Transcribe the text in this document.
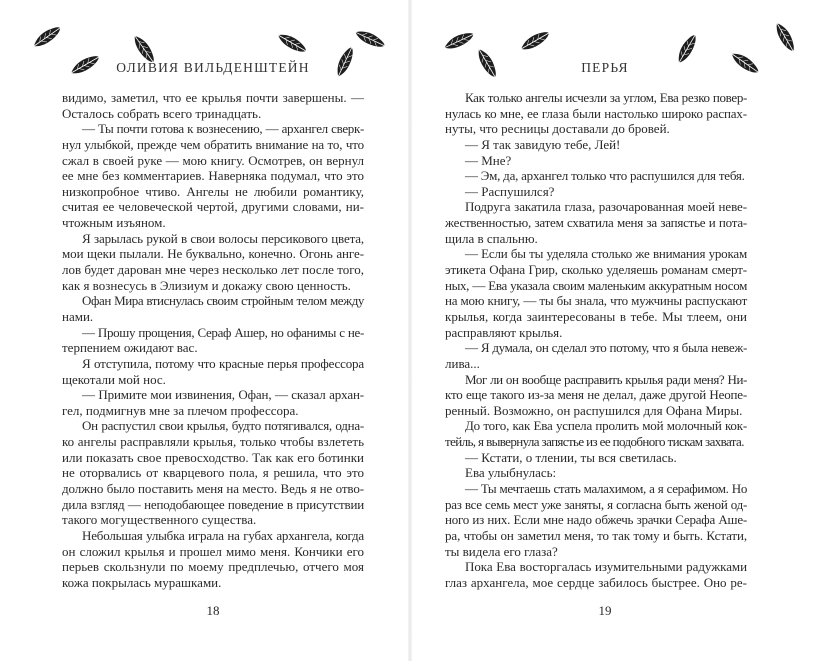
ОЛИВИЯ ВИЛЬДЕНШТЕЙН
видимо, заметил, что ее крылья почти завершены. —
Осталось собрать всего тринадцать.
— Ты почти готова к вознесению, — архангел сверк-
нул улыбкой, прежде чем обратить внимание на то, что
сжал в своей руке — мою книгу. Осмотрев, он вернул
ее мне без комментариев. Наверняка подумал, что это
низкопробное чтиво. Ангелы не любили романтику,
считая ее человеческой чертой, другими словами, ни-
чтожным изъяном.
Я зарылась рукой в свои волосы персикового цвета,
мои щеки пылали. Не буквально, конечно. Огонь анге-
лов будет дарован мне через несколько лет после того,
как я вознесусь в Элизиум и докажу свою ценность.
Офан Мира втиснулась своим стройным телом между
нами.
— Прошу прощения, Сераф Ашер, но офанимы с не-
терпением ожидают вас.
Я отступила, потому что красные перья профессора
щекотали мой нос.
— Примите мои извинения, Офан, — сказал архан-
гел, подмигнув мне за плечом профессора.
Он распустил свои крылья, будто потягивался, одна-
ко ангелы расправляли крылья, только чтобы взлететь
или показать свое превосходство. Так как его ботинки
не оторвались от кварцевого пола, я решила, что это
должно было поставить меня на место. Ведь я не отво-
дила взгляд — неподобающее поведение в присутствии
такого могущественного существа.
Небольшая улыбка играла на губах архангела, когда
он сложил крылья и прошел мимо меня. Кончики его
перьев скользнули по моему предплечью, отчего моя
кожа покрылась мурашками.
18
ПЕРЬЯ
Как только ангелы исчезли за углом, Ева резко повер-
нулась ко мне, ее глаза были настолько широко распах-
нуты, что ресницы доставали до бровей.
— Я так завидую тебе, Лей!
— Мне?
— Эм, да, архангел только что распушился для тебя.
— Распушился?
Подруга закатила глаза, разочарованная моей неве-
жественностью, затем схватила меня за запястье и пота-
щила в спальню.
— Если бы ты уделяла столько же внимания урокам
этикета Офана Грир, сколько уделяешь романам смерт-
ных, — Ева указала своим маленьким аккуратным носом
на мою книгу, — ты бы знала, что мужчины распускают
крылья, когда заинтересованы в тебе. Мы тлеем, они
расправляют крылья.
— Я думала, он сделал это потому, что я была невеж-
лива...
Мог ли он вообще расправить крылья ради меня? Ни-
кто еще такого из-за меня не делал, даже другой Неопе-
ренный. Возможно, он распушился для Офана Миры.
До того, как Ева успела пролить мой молочный кок-
тейль, я вывернула запястье из ее подобного тискам захвата.
— Кстати, о тлении, ты вся светилась.
Ева улыбнулась:
— Ты мечтаешь стать малахимом, а я серафимом. Но
раз все семь мест уже заняты, я согласна быть женой од-
ного из них. Если мне надо обжечь зрачки Серафа Аше-
ра, чтобы он заметил меня, то так тому и быть. Кстати,
ты видела его глаза?
Пока Ева восторгалась изумительными радужками
глаз архангела, мое сердце забилось быстрее. Оно ре-
19
